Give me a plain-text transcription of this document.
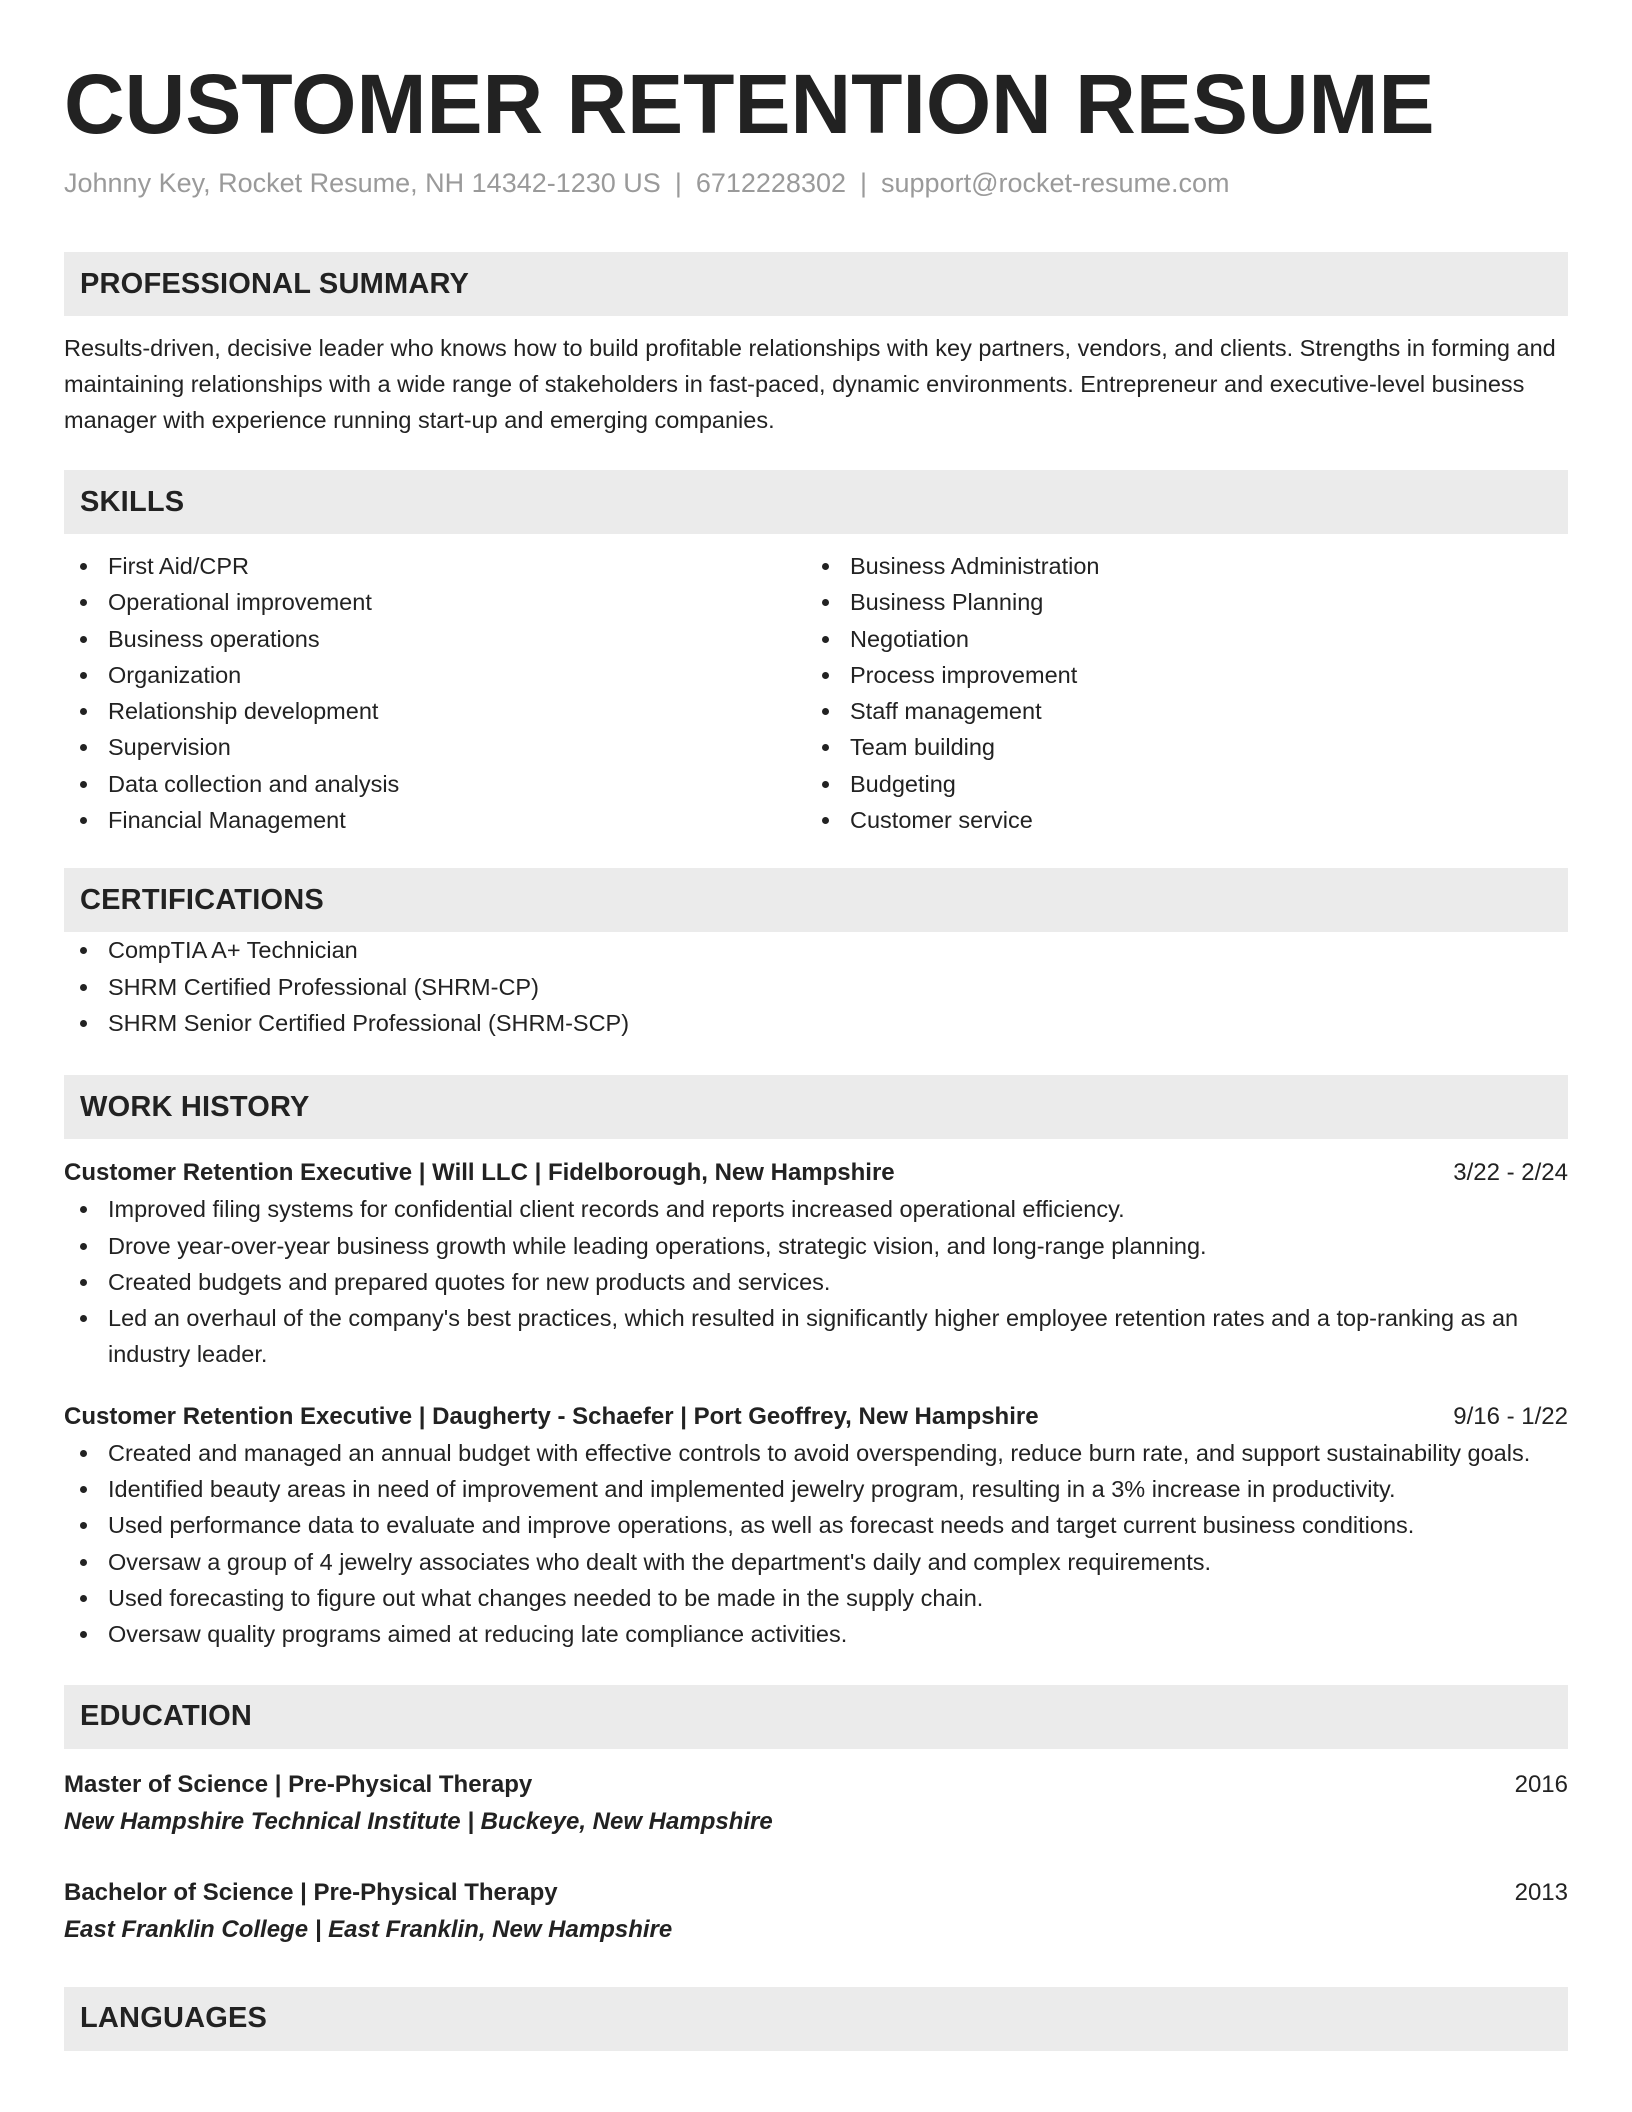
CUSTOMER RETENTION RESUME
Johnny Key, Rocket Resume, NH 14342-1230 US | 6712228302 | support@rocket-resume.com
PROFESSIONAL SUMMARY

Results-driven, decisive leader who knows how to build profitable relationships with key partners, vendors, and clients. Strengths in forming and maintaining relationships with a wide range of stakeholders in fast-paced, dynamic environments. Entrepreneur and executive-level business manager with experience running start-up and emerging companies.

SKILLS
First Aid/CPR
Operational improvement
Business operations
Organization
Relationship development
Supervision
Data collection and analysis
Financial Management
Business Administration
Business Planning
Negotiation
Process improvement
Staff management
Team building
Budgeting
Customer service
CERTIFICATIONS
CompTIA A+ Technician
SHRM Certified Professional (SHRM-CP)
SHRM Senior Certified Professional (SHRM-SCP)
WORK HISTORY
Customer Retention Executive | Will LLC | Fidelborough, New Hampshire	3/22 - 2/24
Improved filing systems for confidential client records and reports increased operational efficiency.
Drove year-over-year business growth while leading operations, strategic vision, and long-range planning.
Created budgets and prepared quotes for new products and services.
Led an overhaul of the company's best practices, which resulted in significantly higher employee retention rates and a top-ranking as an industry leader.
Customer Retention Executive | Daugherty - Schaefer | Port Geoffrey, New Hampshire	9/16 - 1/22
Created and managed an annual budget with effective controls to avoid overspending, reduce burn rate, and support sustainability goals.
Identified beauty areas in need of improvement and implemented jewelry program, resulting in a 3% increase in productivity.
Used performance data to evaluate and improve operations, as well as forecast needs and target current business conditions.
Oversaw a group of 4 jewelry associates who dealt with the department's daily and complex requirements.
Used forecasting to figure out what changes needed to be made in the supply chain.
Oversaw quality programs aimed at reducing late compliance activities.
EDUCATION
Master of Science | Pre-Physical Therapy	2016
New Hampshire Technical Institute | Buckeye, New Hampshire
Bachelor of Science | Pre-Physical Therapy	2013
East Franklin College | East Franklin, New Hampshire
LANGUAGES
